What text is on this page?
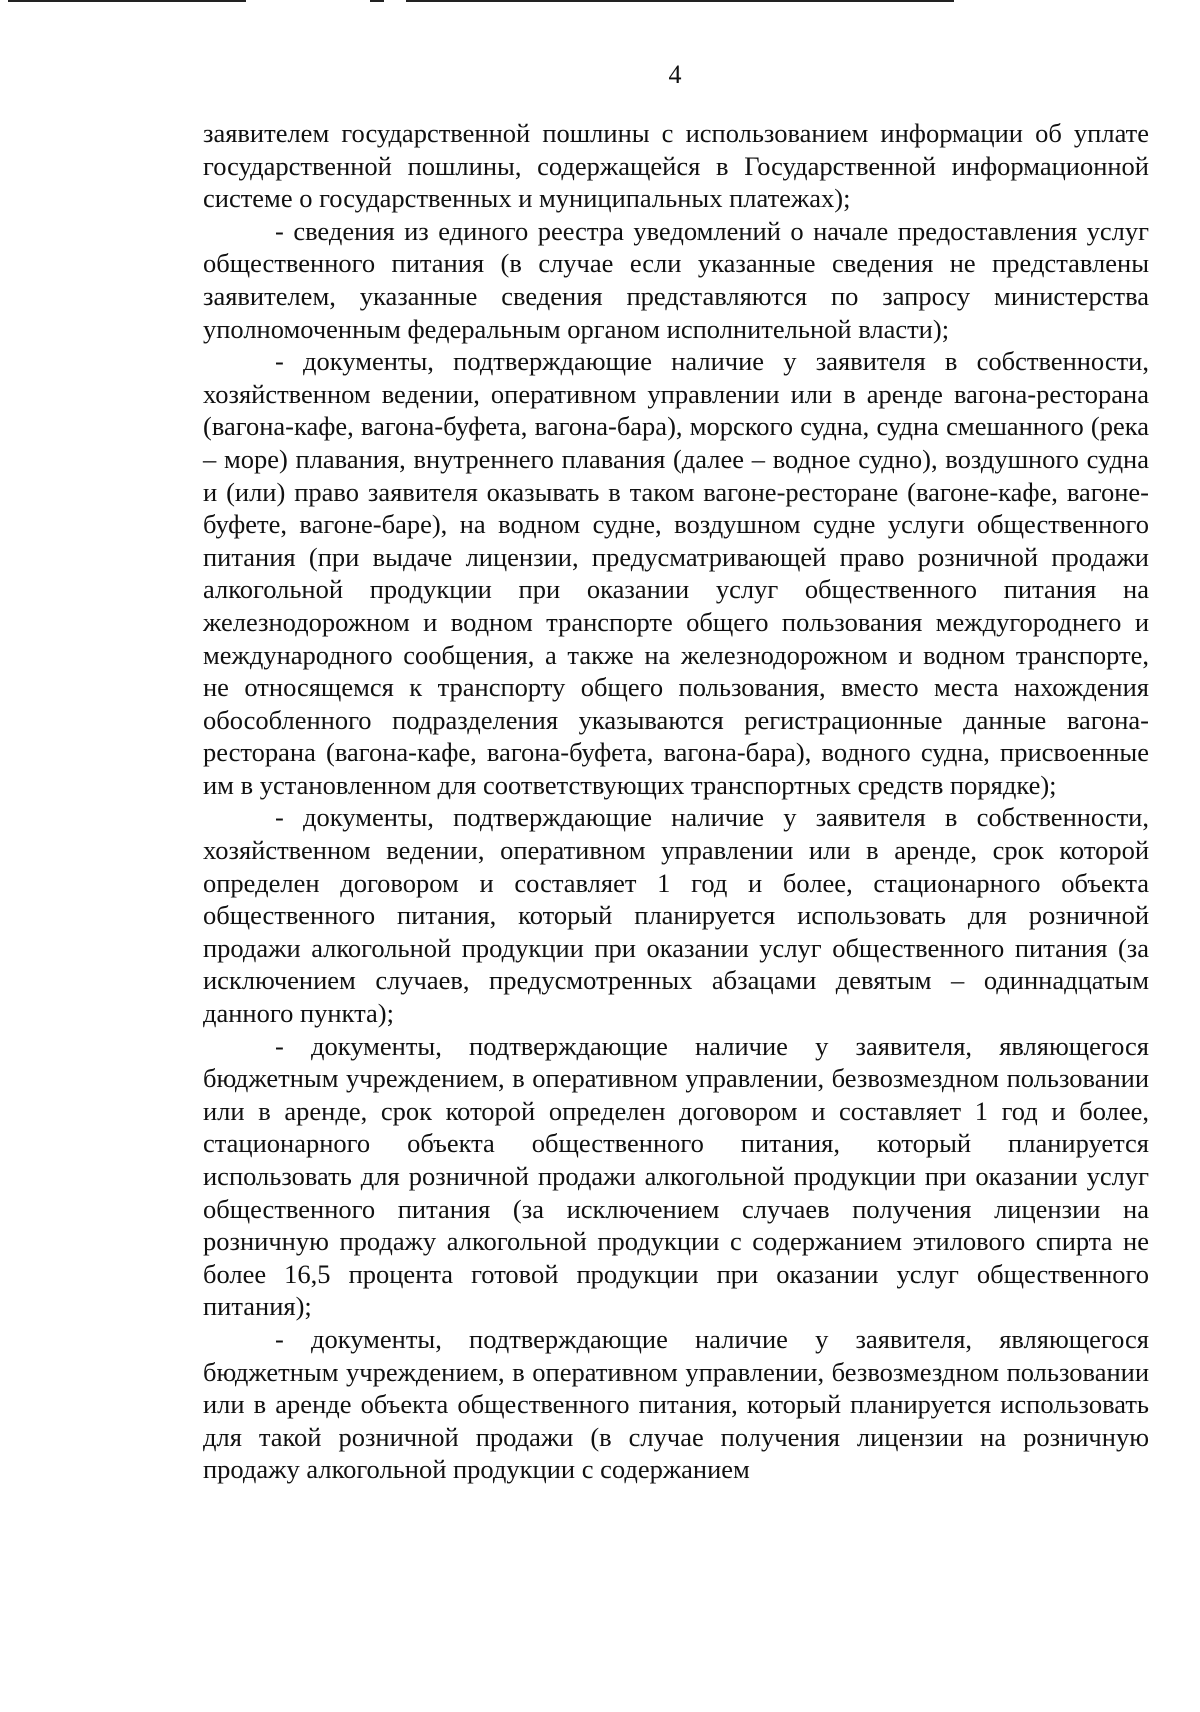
4

заявителем государственной пошлины с использованием информации об уплате государственной пошлины, содержащейся в Государственной информационной системе о государственных и муниципальных платежах);

- сведения из единого реестра уведомлений о начале предоставления услуг общественного питания (в случае если указанные сведения не представлены заявителем, указанные сведения представляются по запросу министерства уполномоченным федеральным органом исполнительной власти);

- документы, подтверждающие наличие у заявителя в собственности, хозяйственном ведении, оперативном управлении или в аренде вагона-ресторана (вагона-кафе, вагона-буфета, вагона-бара), морского судна, судна смешанного (река – море) плавания, внутреннего плавания (далее – водное судно), воздушного судна и (или) право заявителя оказывать в таком вагоне-ресторане (вагоне-кафе, вагоне-буфете, вагоне-баре), на водном судне, воздушном судне услуги общественного питания (при выдаче лицензии, предусматривающей право розничной продажи алкогольной продукции при оказании услуг общественного питания на железнодорожном и водном транспорте общего пользования междугороднего и международного сообщения, а также на железнодорожном и водном транспорте, не относящемся к транспорту общего пользования, вместо места нахождения обособленного подразделения указываются регистрационные данные вагона-ресторана (вагона-кафе, вагона-буфета, вагона-бара), водного судна, присвоенные им в установленном для соответствующих транспортных средств порядке);

- документы, подтверждающие наличие у заявителя в собственности, хозяйственном ведении, оперативном управлении или в аренде, срок которой определен договором и составляет 1 год и более, стационарного объекта общественного питания, который планируется использовать для розничной продажи алкогольной продукции при оказании услуг общественного питания (за исключением случаев, предусмотренных абзацами девятым – одиннадцатым данного пункта);

- документы, подтверждающие наличие у заявителя, являющегося бюджетным учреждением, в оперативном управлении, безвозмездном пользовании или в аренде, срок которой определен договором и составляет 1 год и более, стационарного объекта общественного питания, который планируется использовать для розничной продажи алкогольной продукции при оказании услуг общественного питания (за исключением случаев получения лицензии на розничную продажу алкогольной продукции с содержанием этилового спирта не более 16,5 процента готовой продукции при оказании услуг общественного питания);

- документы, подтверждающие наличие у заявителя, являющегося бюджетным учреждением, в оперативном управлении, безвозмездном пользовании или в аренде объекта общественного питания, который планируется использовать для такой розничной продажи (в случае получения лицензии на розничную продажу алкогольной продукции с содержанием
